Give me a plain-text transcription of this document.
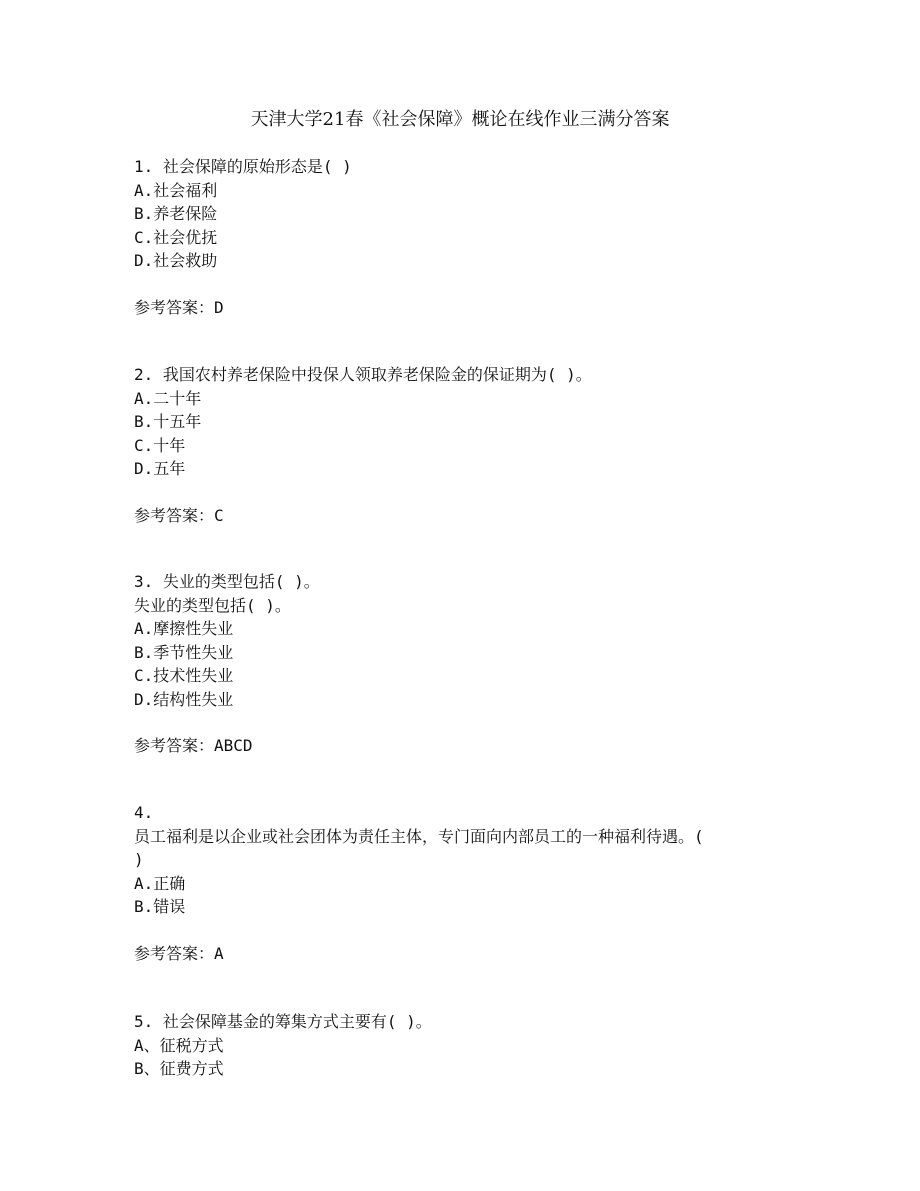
天津大学21春《社会保障》概论在线作业三满分答案
1. 社会保障的原始形态是( )
A.社会福利
B.养老保险
C.社会优抚
D.社会救助
参考答案：D
2. 我国农村养老保险中投保人领取养老保险金的保证期为( )。
A.二十年
B.十五年
C.十年
D.五年
参考答案：C
3. 失业的类型包括( )。
失业的类型包括( )。
A.摩擦性失业
B.季节性失业
C.技术性失业
D.结构性失业
参考答案：ABCD
4.
员工福利是以企业或社会团体为责任主体，专门面向内部员工的一种福利待遇。(
)
A.正确
B.错误
参考答案：A
5. 社会保障基金的筹集方式主要有( )。
A、征税方式
B、征费方式
